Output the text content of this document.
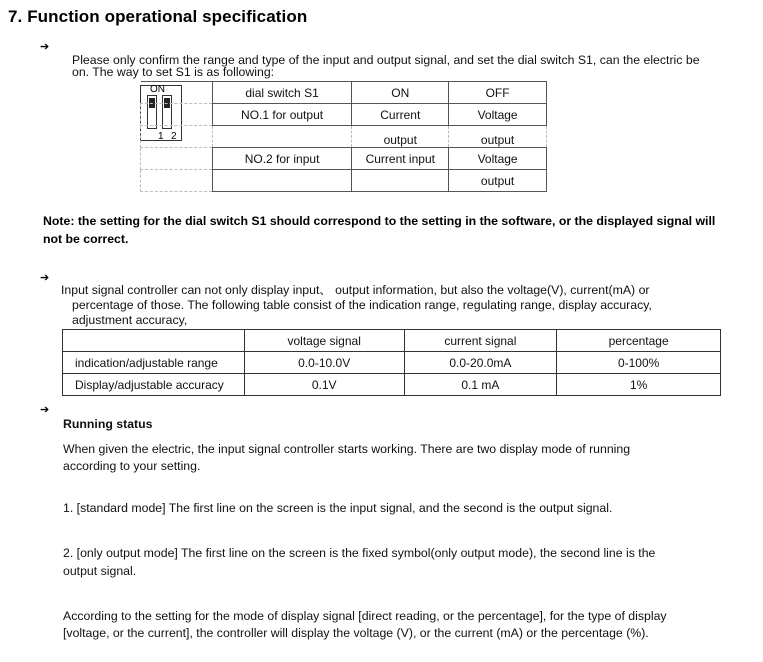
7. Function operational specification
➔
Please only confirm the range and type of the input and output signal, and set the dial switch S1, can the electric be
on. The way to set S1 is as following:
ON
1 2
	dial switch S1	ON	OFF
	NO.1 for output	Current	Voltage
		output	output
	NO.2 for input	Current input	Voltage
			output
Note: the setting for the dial switch S1 should correspond to the setting in the software, or the displayed signal will
not be correct.
➔
Input signal controller can not only display input、 output information, but also the voltage(V), current(mA) or
percentage of those. The following table consist of the indication range, regulating range, display accuracy,
adjustment accuracy,
	voltage signal	current signal	percentage
indication/adjustable range	0.0-10.0V	0.0-20.0mA	0-100%
Display/adjustable accuracy	0.1V	0.1 mA	1%
➔
Running status
When given the electric, the input signal controller starts working. There are two display mode of running
according to your setting.
1. [standard mode] The first line on the screen is the input signal, and the second is the output signal.
2. [only output mode] The first line on the screen is the fixed symbol(only output mode), the second line is the
output signal.
According to the setting for the mode of display signal [direct reading, or the percentage], for the type of display
[voltage, or the current], the controller will display the voltage (V), or the current (mA) or the percentage (%).
